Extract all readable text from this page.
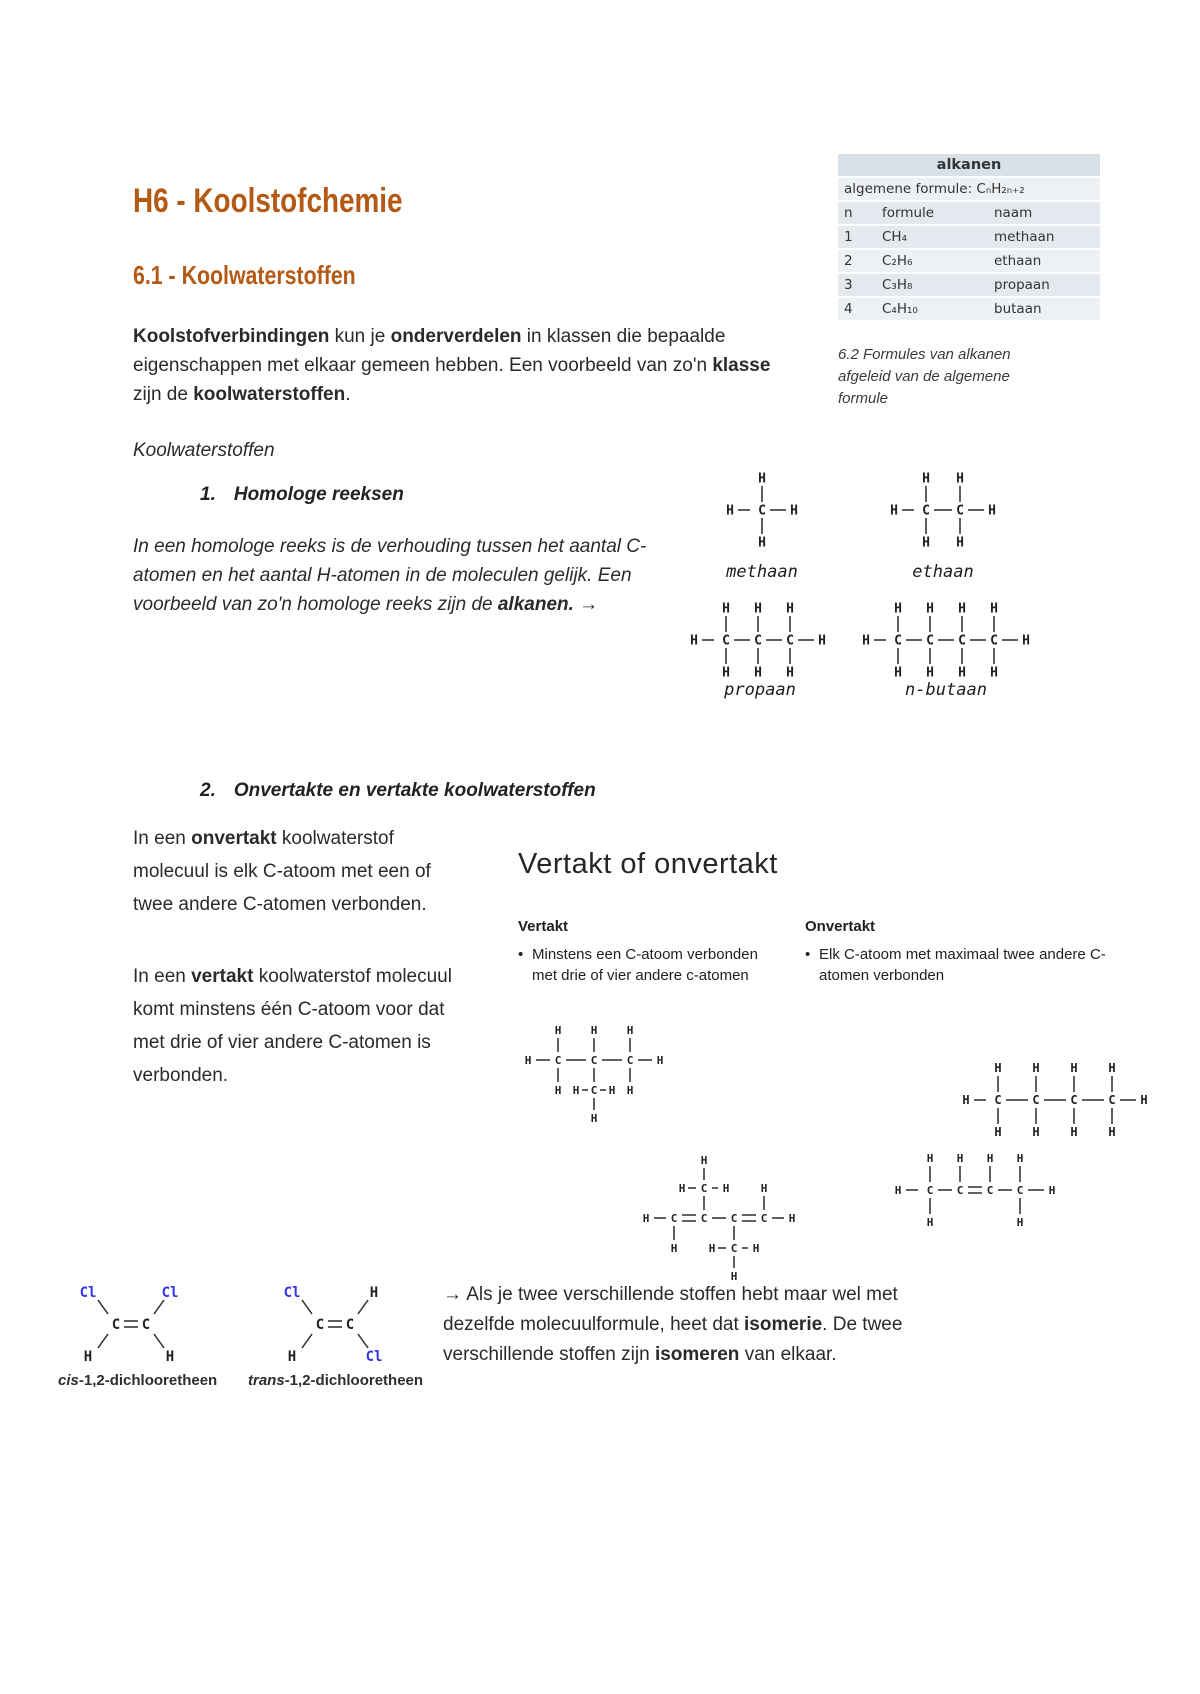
H6 - Koolstofchemie
6.1 - Koolwaterstoffen
Koolstofverbindingen kun je onderverdelen in klassen die bepaalde eigenschappen met elkaar gemeen hebben. Een voorbeeld van zo'n klasse zijn de koolwaterstoffen.
alkanen		
algemene formule: CₙH₂ₙ₊₂		
n	formule	naam
1	CH₄	methaan
2	C₂H₆	ethaan
3	C₃H₈	propaan
4	C₄H₁₀	butaan
6.2 Formules van alkanen afgeleid van de algemene formule
Koolwaterstoffen
1. Homologe reeksen
In een homologe reeks is de verhouding tussen het aantal C-atomen en het aantal H-atomen in de moleculen gelijk. Een voorbeeld van zo'n homologe reeks zijn de alkanen. →
H C
H
H
H	H C
H
H
C
H
H
H
methaan	ethaan
H C
H
H
C
H
H
C
H
H
H	H C
H
H
C
H
H
C
H
H
C
H
H
H
propaan	n-butaan
2. Onvertakte en vertakte koolwaterstoffen
In een onvertakt koolwaterstof molecuul is elk C-atoom met een of twee andere C-atomen verbonden.
In een vertakt koolwaterstof molecuul komt minstens één C-atoom voor dat met drie of vier andere C-atomen is verbonden.
Vertakt of onvertakt
Vertakt
• Minstens een C-atoom verbonden met drie of vier andere c-atomen
Onvertakt
• Elk C-atoom met maximaal twee andere C-atomen verbonden
H	H	H
H C	C	C H
H H C H H
H
H
H C H	H
H C C C C H
H	H C H
H
H C
H
H
C
H
H
C
H
H
C
H
H
H
H C
H
H
C
H
C
H
C
H
H
H
→ Als je twee verschillende stoffen hebt maar wel met dezelfde molecuulformule, heet dat isomerie. De twee verschillende stoffen zijn isomeren van elkaar.
Cl	Cl
C C
H	H
Cl	H
C C
H	Cl
cis-1,2-dichlooretheen trans-1,2-dichlooretheen
